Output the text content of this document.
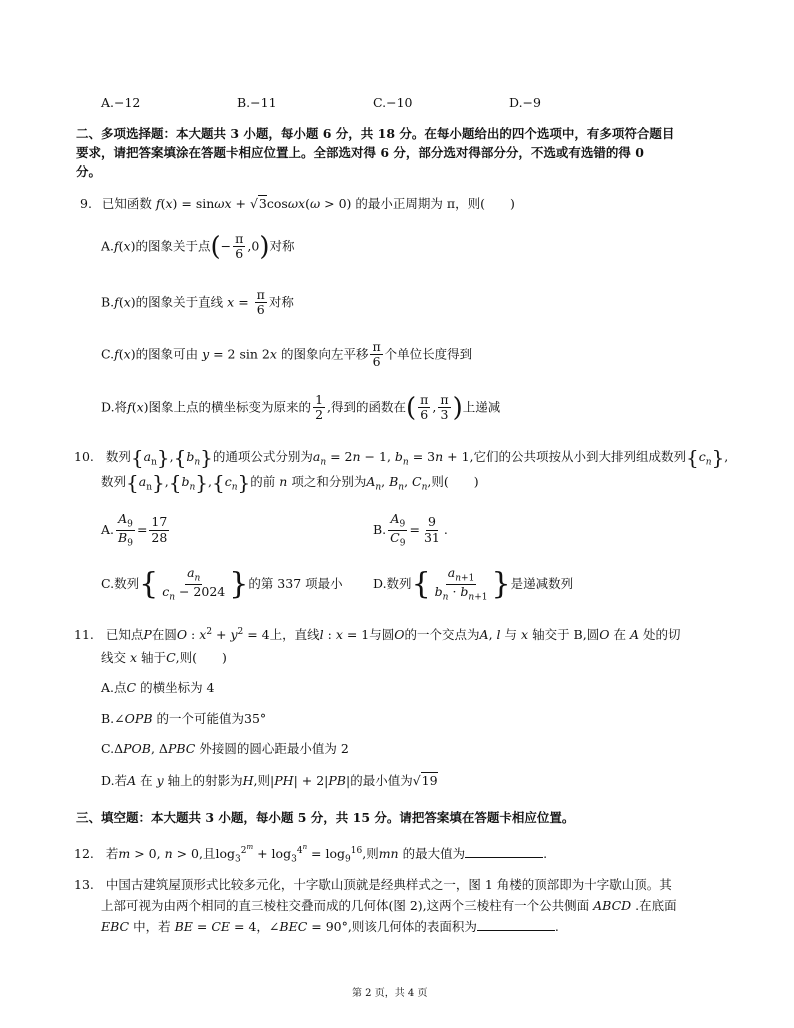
A.−12	B.−11	C.−10	D.−9
二、多项选择题：本大题共 3 小题，每小题 6 分，共 18 分。在每小题给出的四个选项中，有多项符合题目
要求，请把答案填涂在答题卡相应位置上。全部选对得 6 分，部分选对得部分分，不选或有选错的得 0
分。
9. 已知函数 f(x) = sinωx + √3cosωx(ω > 0) 的最小正周期为 π，则(　　)
A.f(x)的图象关于点(− $\frac{\pi}{6} ,0$)对称
B.f(x)的图象关于直线 $x = \frac{\pi}{6}$ 对称
C.f(x)的图象可由 y = 2 sin 2x 的图象向左平移 $\frac{\pi}{6}$ 个单位长度得到
D.将f(x)图象上点的横坐标变为原来的 $\frac{1}{2}$ ,得到的函数在( $\frac{\pi}{6}$ , $\frac{\pi}{3}$ )上递减
10. 数列$\{a_n\},\{b_n\}$的通项公式分别为$a_n = 2n - 1$, $b_n = 3n + 1$,它们的公共项按从小到大排列组成数列$\{c_n\}$,
数列$\{a_n\},\{b_n\},\{c_n\}$的前 n 项之和分别为$A_n$, $B_n$, $C_n$,则(　　)
A. $\frac{A_9}{B_9} = \frac{17}{28}$	B. $\frac{A_9}{C_9} = \frac{9}{31}$ .
C.数列{ $\frac{a_n}{c_n - 2024}$ }的第 337 项最小 D.数列{ $\frac{a_{n+1}}{b_n \cdot b_{n+1}}$ }是递减数列
11. 已知点P在圆O : $x^2 + y^2 = 4$上，直线l : x = 1与圆O的一个交点为A, l 与 x 轴交于 B,圆O 在 A 处的切
线交 x 轴于C,则(　　)
A.点C 的横坐标为 4
B.∠OPB 的一个可能值为35°
C.ΔPOB, ΔPBC 外接圆的圆心距最小值为 2
D.若A 在 y 轴上的射影为H,则|PH| + 2|PB|的最小值为√19
三、填空题：本大题共 3 小题，每小题 5 分，共 15 分。请把答案填在答题卡相应位置。
12. 若m > 0, n > 0,且$\log_3^{2^m} + \log_3^{4^n} = \log_9^{16}$,则mn 的最大值为	.
13. 中国古建筑屋顶形式比较多元化，十字歇山顶就是经典样式之一，图 1 角楼的顶部即为十字歇山顶。其
上部可视为由两个相同的直三棱柱交叠而成的几何体(图 2),这两个三棱柱有一个公共侧面 ABCD .在底面
EBC 中，若 BE = CE = 4，∠BEC = 90°,则该几何体的表面积为	.
第 2 页，共 4 页
